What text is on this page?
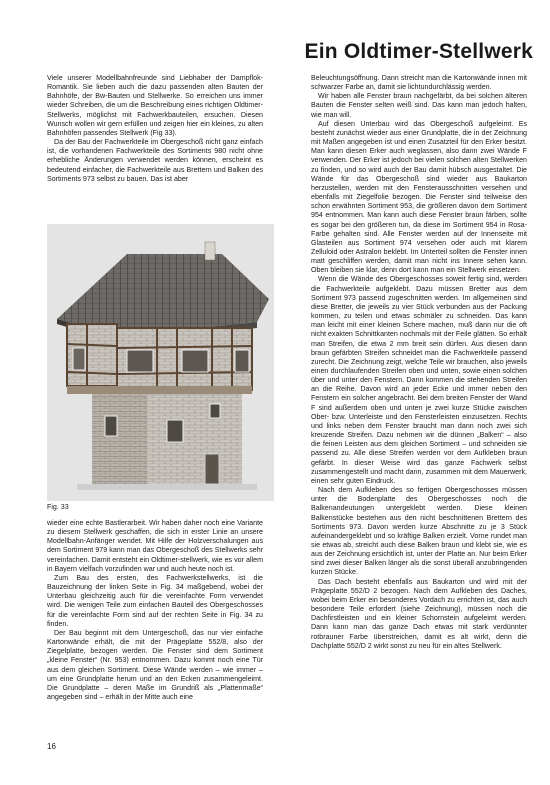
Ein Oldtimer-Stellwerk

Viele unserer Modellbahnfreunde sind Liebhaber der Dampflok-Romantik. Sie lieben auch die dazu passenden alten Bauten der Bahnhöfe, der Bw-Bauten und Stellwerke. So erreichen uns immer wieder Schreiben, die um die Beschreibung eines richtigen Oldtimer-Stellwerks, möglichst mit Fachwerkbauteilen, ersuchen. Diesen Wunsch wollen wir gern erfüllen und zeigen hier ein kleines, zu alten Bahnhöfen passendes Stellwerk (Fig 33).

Da der Bau der Fachwerkteile im Obergeschoß nicht ganz einfach ist, die vorhandenen Fachwerkteile des Sortiments 980 nicht ohne erhebliche Änderungen verwendet werden können, erscheint es bedeutend einfacher, die Fachwerkteile aus Brettern und Balken des Sortiments 973 selbst zu bauen. Das ist aber

Fig. 33

wieder eine echte Bastlerarbeit. Wir haben daher noch eine Variante zu diesem Stellwerk geschaffen, die sich in erster Linie an unsere Modellbahn-Anfänger wendet. Mit Hilfe der Holzverschalungen aus dem Sortiment 979 kann man das Obergeschoß des Stellwerks sehr vereinfachen. Damit entsteht ein Oldtimer-stellwerk, wie es vor allem in Bayern vielfach vorzufinden war und auch heute noch ist.

Zum Bau des ersten, des Fachwerkstellwerks, ist die Bauzeichnung der linken Seite in Fig. 34 maßgebend, wobei der Unterbau gleichzeitig auch für die vereinfachte Form verwendet wird. Die wenigen Teile zum einfachen Bauteil des Obergeschosses für die vereinfachte Form sind auf der rechten Seite in Fig. 34 zu finden.

Der Bau beginnt mit dem Untergeschoß, das nur vier einfache Kartonwände erhält, die mit der Prägeplatte 552/8, also der Ziegelplatte, bezogen werden. Die Fenster sind dem Sortiment „kleine Fenster“ (Nr. 953) entnommen. Dazu kommt noch eine Tür aus dem gleichen Sortiment. Diese Wände werden – wie immer – um eine Grundplatte herum und an den Ecken zusammengeleimt. Die Grundplatte – deren Maße im Grundriß als „Plattenmaße“ angegeben sind – erhält in der Mitte auch eine

Beleuchtungsöffnung. Dann streicht man die Kartonwände innen mit schwarzer Farbe an, damit sie lichtundurchlässig werden.

Wir haben alle Fenster braun nachgefärbt, da bei solchen älteren Bauten die Fenster selten weiß sind. Das kann man jedoch halten, wie man will.

Auf diesen Unterbau wird das Obergeschoß aufgeleimt. Es besteht zunächst wieder aus einer Grundplatte, die in der Zeichnung mit Maßen angegeben ist und einen Zusatzteil für den Erker besitzt. Man kann diesen Erker auch weglassen, also dann zwei Wände F verwenden. Der Erker ist jedoch bei vielen solchen alten Stellwerken zu finden, und so wird auch der Bau damit hübsch ausgestaltet. Die Wände für das Obergeschoß sind wieder aus Baukarton herzustellen, werden mit den Fensterausschnitten versehen und ebenfalls mit Ziegelfolie bezogen. Die Fenster sind teilweise den schon erwähnten Sortiment 953, die größeren davon dem Sortiment 954 entnommen. Man kann auch diese Fenster braun färben, sollte es sogar bei den größeren tun, da diese im Sortiment 954 in Rosa-Farbe gehalten sind. Alle Fenster werden auf der Innenseite mit Glasteilen aus Sortiment 974 versehen oder auch mit klarem Zelluloid oder Astralon beklebt. Im Unterteil sollten die Fenster innen matt geschliffen werden, damit man nicht ins Innere sehen kann. Oben bleiben sie klar, denn dort kann man ein Stellwerk einsetzen.

Wenn die Wände des Obergeschosses soweit fertig sind, werden die Fachwerkteile aufgeklebt. Dazu müssen Bretter aus dem Sortiment 973 passend zugeschnitten werden. Im allgemeinen sind diese Bretter, die jeweils zu vier Stück verbunden aus der Packung kommen, zu teilen und etwas schmäler zu schneiden. Das kann man leicht mit einer kleinen Schere machen, muß dann nur die oft nicht exakten Schnittkanten nochmals mit der Feile glätten. So erhält man Streifen, die etwa 2 mm breit sein dürfen. Aus diesen dann braun gefärbten Streifen schneidet man die Fachwerkteile passend zurecht. Die Zeichnung zeigt, welche Teile wir brauchen, also jeweils einen durchlaufenden Streifen oben und unten, sowie einen solchen über und unter den Fenstern. Dann kommen die stehenden Streifen an die Reihe. Davon wird an jeder Ecke und immer neben den Fenstern ein solcher angebracht. Bei dem breiten Fenster der Wand F sind außerdem oben und unten je zwei kurze Stücke zwischen Ober- bzw. Unterleiste und den Fensterleisten einzusetzen. Rechts und links neben dem Fenster braucht man dann noch zwei sich kreuzende Streifen. Dazu nehmen wir die dünnen „Balken“ – also die feinen Leisten aus dem gleichen Sortiment – und schneiden sie passend zu. Alle diese Streifen werden vor dem Aufkleben braun gefärbt. In dieser Weise wird das ganze Fachwerk selbst zusammengestellt und macht dann, zusammen mit dem Mauerwerk, einen sehr guten Eindruck.

Nach dem Aufkleben des so fertigen Obergeschosses müssen unter die Bodenplatte des Obergeschosses noch die Balkenandeutungen untergeklebt werden. Diese kleinen Balkenstücke bestehen aus den nicht beschnittenen Brettern des Sortiments 973. Davon werden kurze Abschnitte zu je 3 Stück aufeinandergeklebt und so kräftige Balken erzielt. Vorne rundet man sie etwas ab, streicht auch diese Balken braun und klebt sie, wie es aus der Zeichnung ersichtlich ist, unter der Platte an. Nur beim Erker sind zwei dieser Balken länger als die sonst überall anzubringenden kurzen Stücke.

Das Dach besteht ebenfalls aus Baukarton und wird mit der Prägeplatte 552/D 2 bezogen. Nach dem Aufkleben des Daches, wobei beim Erker ein besonderes Vordach zu errichten ist, das auch besondere Teile erfordert (siehe Zeichnung), müssen noch die Dachfirstleisten und ein kleiner Schornstein aufgeleimt werden. Dann kann man das ganze Dach etwas mit stark verdünnter rotbrauner Farbe überstreichen, damit es alt wirkt, denn die Dachplatte 552/D 2 wirkt sonst zu neu für ein altes Stellwerk.

16
